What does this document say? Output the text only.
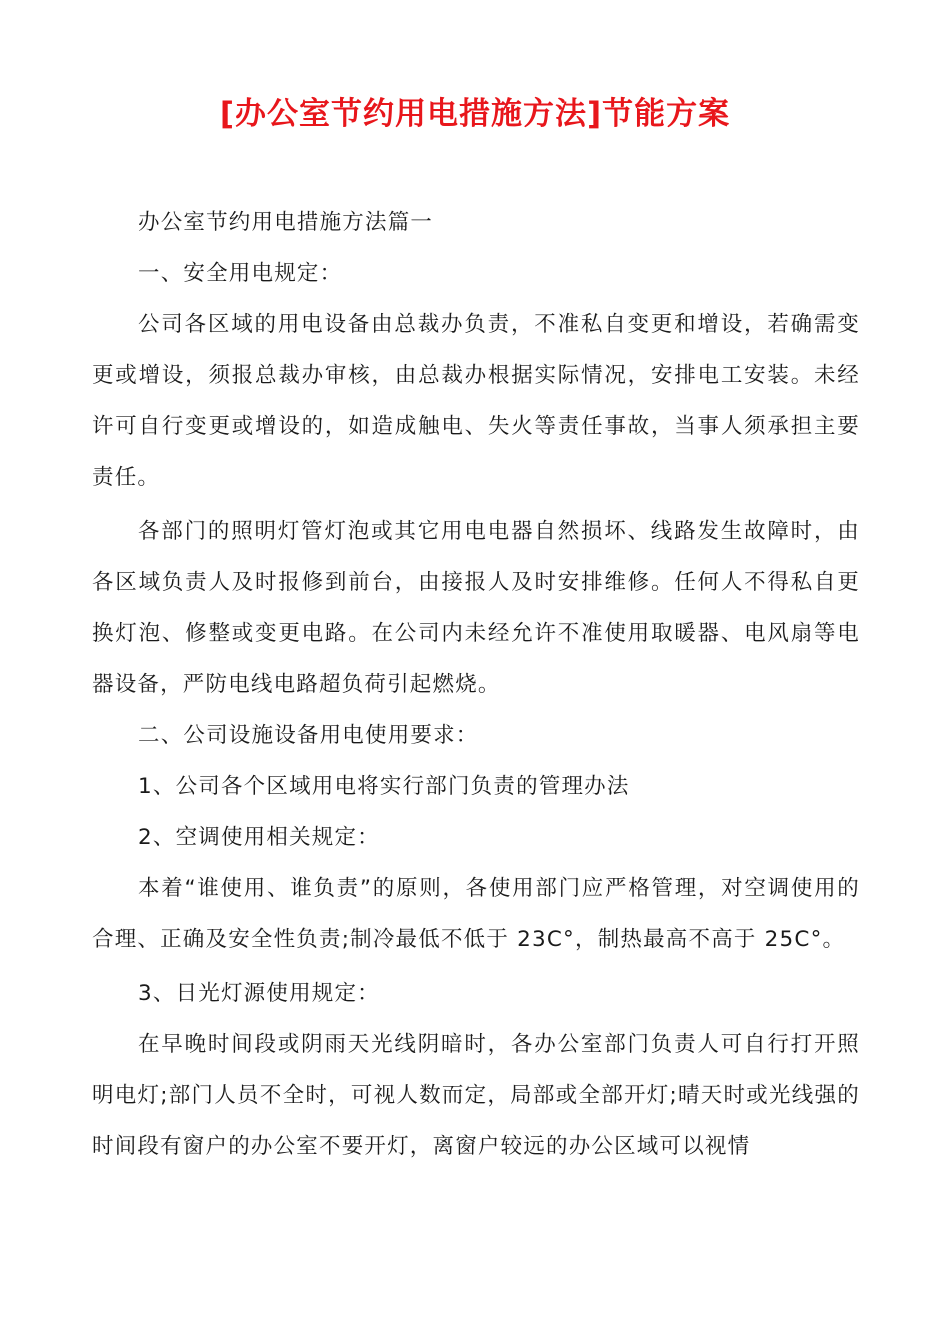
[办公室节约用电措施方法]节能方案

办公室节约用电措施方法篇一

一、安全用电规定：

公司各区域的用电设备由总裁办负责，不准私自变更和增设，若确需变更或增设，须报总裁办审核，由总裁办根据实际情况，安排电工安装。未经许可自行变更或增设的，如造成触电、失火等责任事故，当事人须承担主要责任。

各部门的照明灯管灯泡或其它用电电器自然损坏、线路发生故障时，由各区域负责人及时报修到前台，由接报人及时安排维修。任何人不得私自更换灯泡、修整或变更电路。在公司内未经允许不准使用取暖器、电风扇等电器设备，严防电线电路超负荷引起燃烧。

二、公司设施设备用电使用要求：

1、公司各个区域用电将实行部门负责的管理办法

2、空调使用相关规定：

本着“谁使用、谁负责”的原则，各使用部门应严格管理，对空调使用的合理、正确及安全性负责;制冷最低不低于 23C°，制热最高不高于 25C°。

3、日光灯源使用规定：

在早晚时间段或阴雨天光线阴暗时，各办公室部门负责人可自行打开照明电灯;部门人员不全时，可视人数而定，局部或全部开灯;晴天时或光线强的时间段有窗户的办公室不要开灯，离窗户较远的办公区域可以视情
